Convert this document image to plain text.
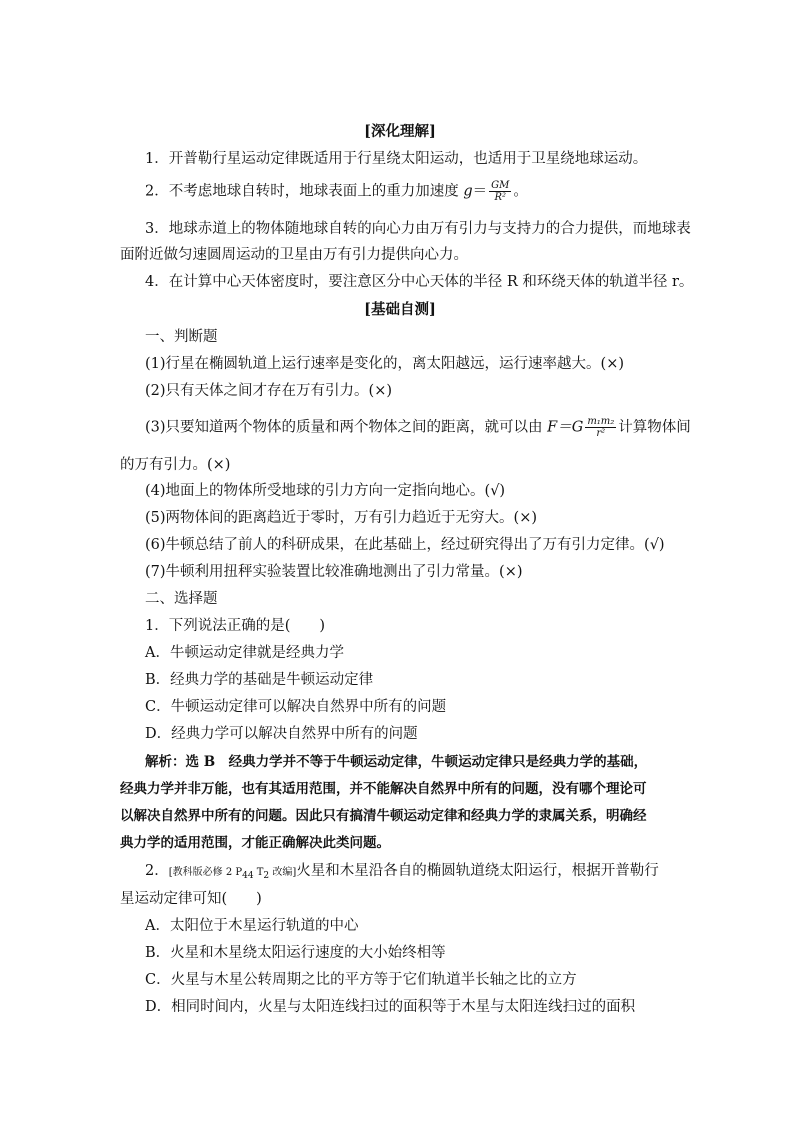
[深化理解]
1．开普勒行星运动定律既适用于行星绕太阳运动，也适用于卫星绕地球运动。
2．不考虑地球自转时，地球表面上的重力加速度 $g= \frac{GM}{\text{R²}}$ 。
3．地球赤道上的物体随地球自转的向心力由万有引力与支持力的合力提供，而地球表
面附近做匀速圆周运动的卫星由万有引力提供向心力。
4．在计算中心天体密度时，要注意区分中心天体的半径 R 和环绕天体的轨道半径 r。
[基础自测]
一、判断题
(1)行星在椭圆轨道上运行速率是变化的，离太阳越远，运行速率越大。(×)
(2)只有天体之间才存在万有引力。(×)
(3)只要知道两个物体的质量和两个物体之间的距离，就可以由 $F=G \frac{\text{m₁m₂}}{\text{r²}}$ 计算物体间
的万有引力。(×)
(4)地面上的物体所受地球的引力方向一定指向地心。(√)
(5)两物体间的距离趋近于零时，万有引力趋近于无穷大。(×)
(6)牛顿总结了前人的科研成果，在此基础上，经过研究得出了万有引力定律。(√)
(7)牛顿利用扭秤实验装置比较准确地测出了引力常量。(×)
二、选择题
1．下列说法正确的是(　　)
A．牛顿运动定律就是经典力学
B．经典力学的基础是牛顿运动定律
C．牛顿运动定律可以解决自然界中所有的问题
D．经典力学可以解决自然界中所有的问题
解析：选 B　经典力学并不等于牛顿运动定律，牛顿运动定律只是经典力学的基础，
经典力学并非万能，也有其适用范围，并不能解决自然界中所有的问题，没有哪个理论可
以解决自然界中所有的问题。因此只有搞清牛顿运动定律和经典力学的隶属关系，明确经
典力学的适用范围，才能正确解决此类问题。
2．[教科版必修 2 P44 T2 改编]火星和木星沿各自的椭圆轨道绕太阳运行，根据开普勒行
星运动定律可知(　　)
A．太阳位于木星运行轨道的中心
B．火星和木星绕太阳运行速度的大小始终相等
C．火星与木星公转周期之比的平方等于它们轨道半长轴之比的立方
D．相同时间内，火星与太阳连线扫过的面积等于木星与太阳连线扫过的面积
